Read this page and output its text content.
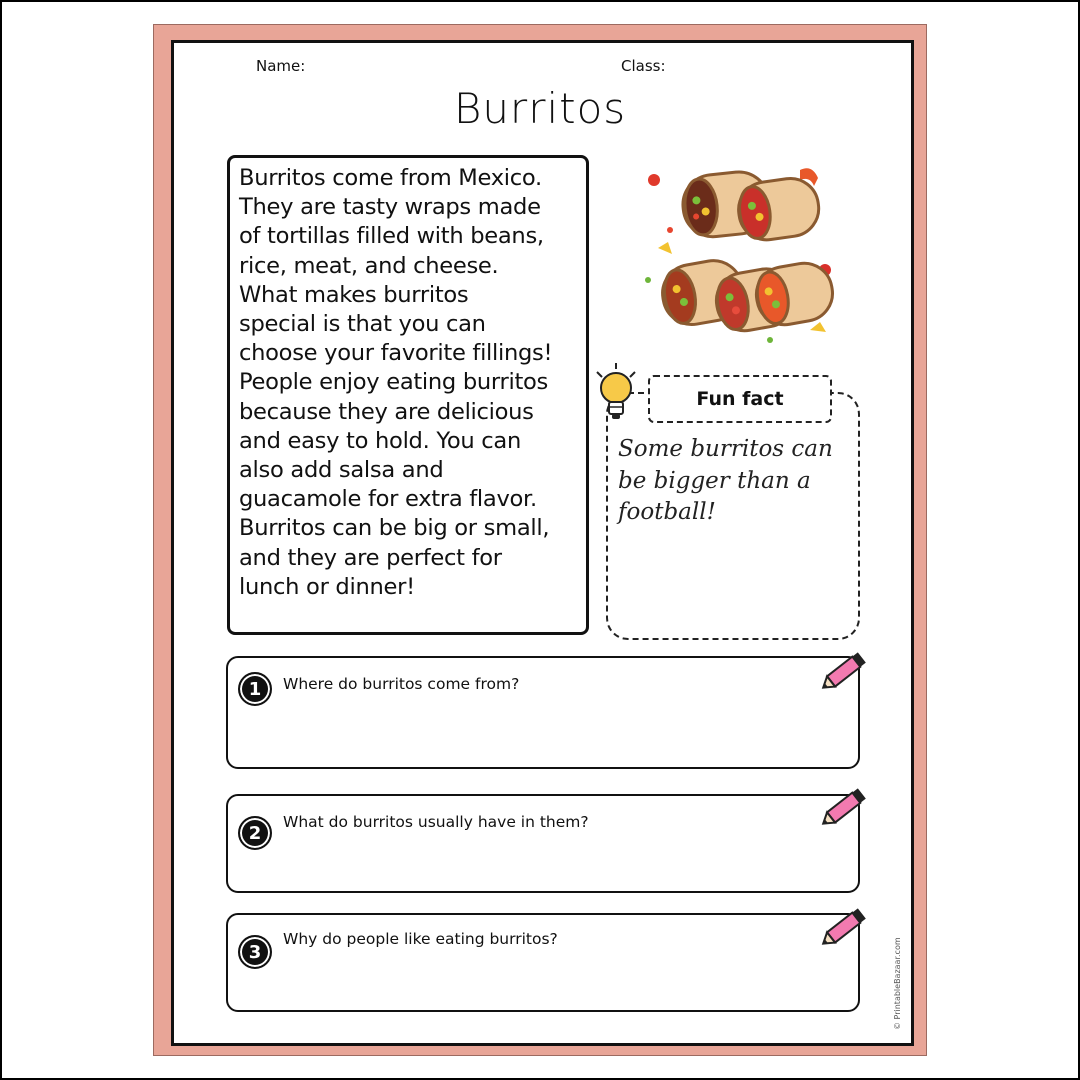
Name:	Class:
Burritos
Burritos come from Mexico.
They are tasty wraps made
of tortillas filled with beans,
rice, meat, and cheese.
What makes burritos
special is that you can
choose your favorite fillings!
People enjoy eating burritos
because they are delicious
and easy to hold. You can
also add salsa and
guacamole for extra flavor.
Burritos can be big or small,
and they are perfect for
lunch or dinner!
Fun fact
Some burritos can
be bigger than a
football!
1	Where do burritos come from?
2
What do burritos usually have in them?
3
Why do people like eating burritos?	© PrintableBazaar.com
